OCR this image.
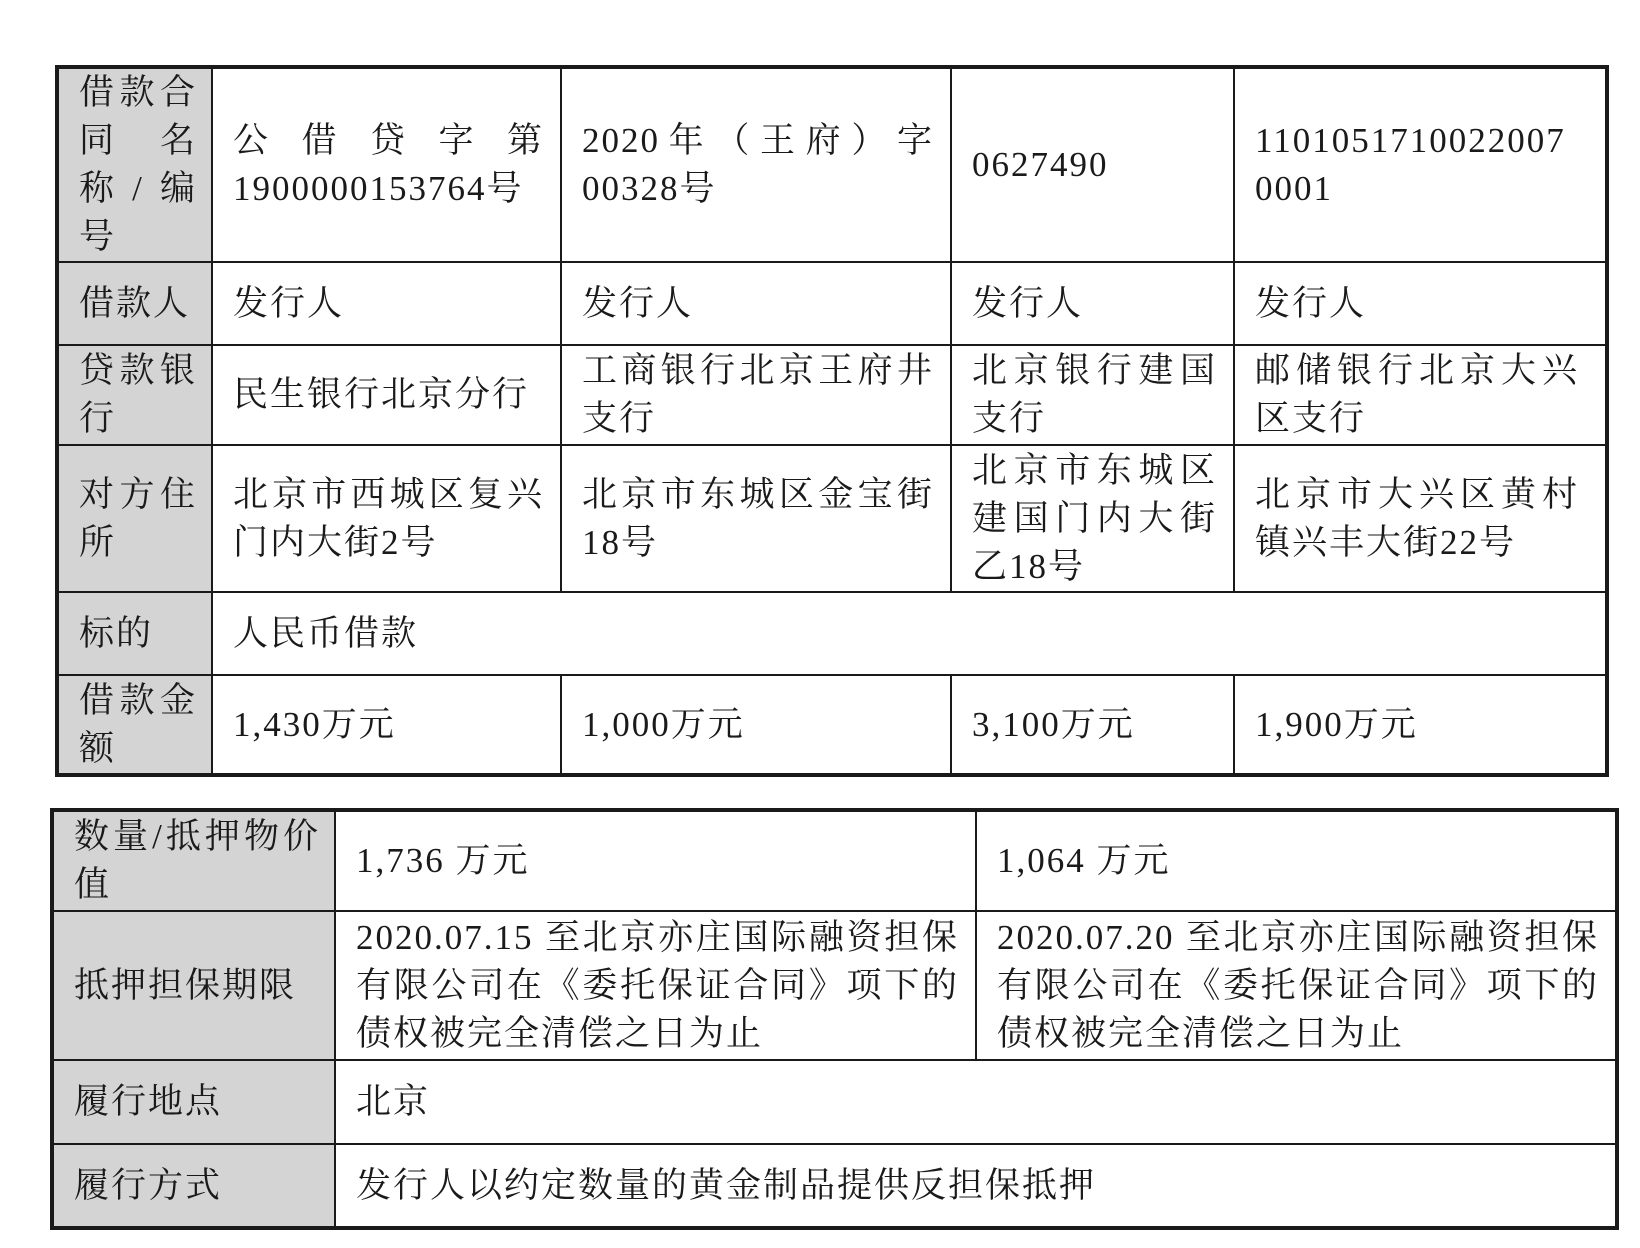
借款合同名称/编号	公借贷字第1900000153764号	2020年（王府）字00328号	0627490	11010517100220070001
借款人	发行人	发行人	发行人	发行人
贷款银行	民生银行北京分行	工商银行北京王府井支行	北京银行建国支行	邮储银行北京大兴区支行
对方住所	北京市西城区复兴门内大街2号	北京市东城区金宝街18号	北京市东城区建国门内大街乙18号	北京市大兴区黄村镇兴丰大街22号
标的	人民币借款			
借款金额	1,430万元	1,000万元	3,100万元	1,900万元
数量/抵押物价值	1,736 万元	1,064 万元
抵押担保期限	2020.07.15 至北京亦庄国际融资担保有限公司在《委托保证合同》项下的债权被完全清偿之日为止	2020.07.20 至北京亦庄国际融资担保有限公司在《委托保证合同》项下的债权被完全清偿之日为止
履行地点	北京	
履行方式	发行人以约定数量的黄金制品提供反担保抵押	
